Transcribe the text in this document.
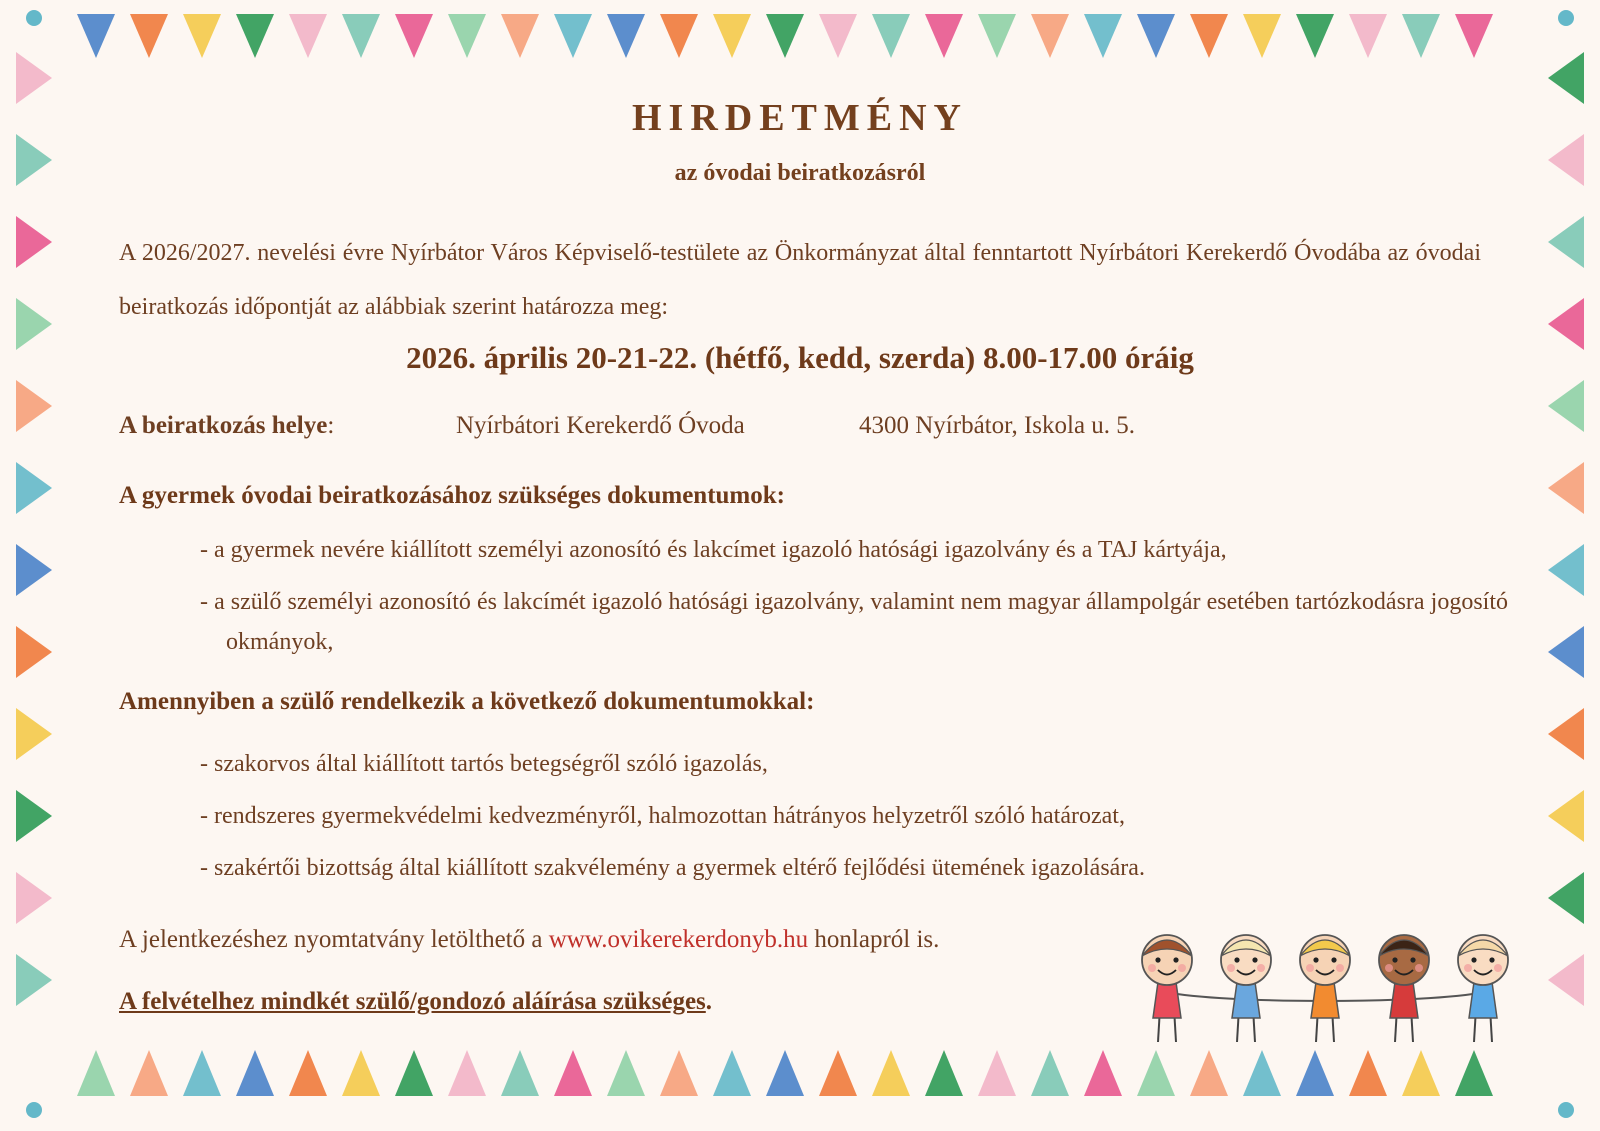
HIRDETMÉNY
az óvodai beiratkozásról
A 2026/2027. nevelési évre Nyírbátor Város Képviselő-testülete az Önkormányzat által fenntartott Nyírbátori Kerekerdő Óvodába az óvodai beiratkozás időpontját az alábbiak szerint határozza meg:
2026. április 20-21-22. (hétfő, kedd, szerda) 8.00-17.00 óráig
A beiratkozás helye:	Nyírbátori Kerekerdő Óvoda	4300 Nyírbátor, Iskola u. 5.
A gyermek óvodai beiratkozásához szükséges dokumentumok:
- a gyermek nevére kiállított személyi azonosító és lakcímet igazoló hatósági igazolvány és a TAJ kártyája,
- a szülő személyi azonosító és lakcímét igazoló hatósági igazolvány, valamint nem magyar állampolgár esetében tartózkodásra jogosító okmányok,
Amennyiben a szülő rendelkezik a következő dokumentumokkal:
- szakorvos által kiállított tartós betegségről szóló igazolás,
- rendszeres gyermekvédelmi kedvezményről, halmozottan hátrányos helyzetről szóló határozat,
- szakértői bizottság által kiállított szakvélemény a gyermek eltérő fejlődési ütemének igazolására.
A jelentkezéshez nyomtatvány letölthető a www.ovikerekerdonyb.hu honlapról is.
A felvételhez mindkét szülő/gondozó aláírása szükséges.
